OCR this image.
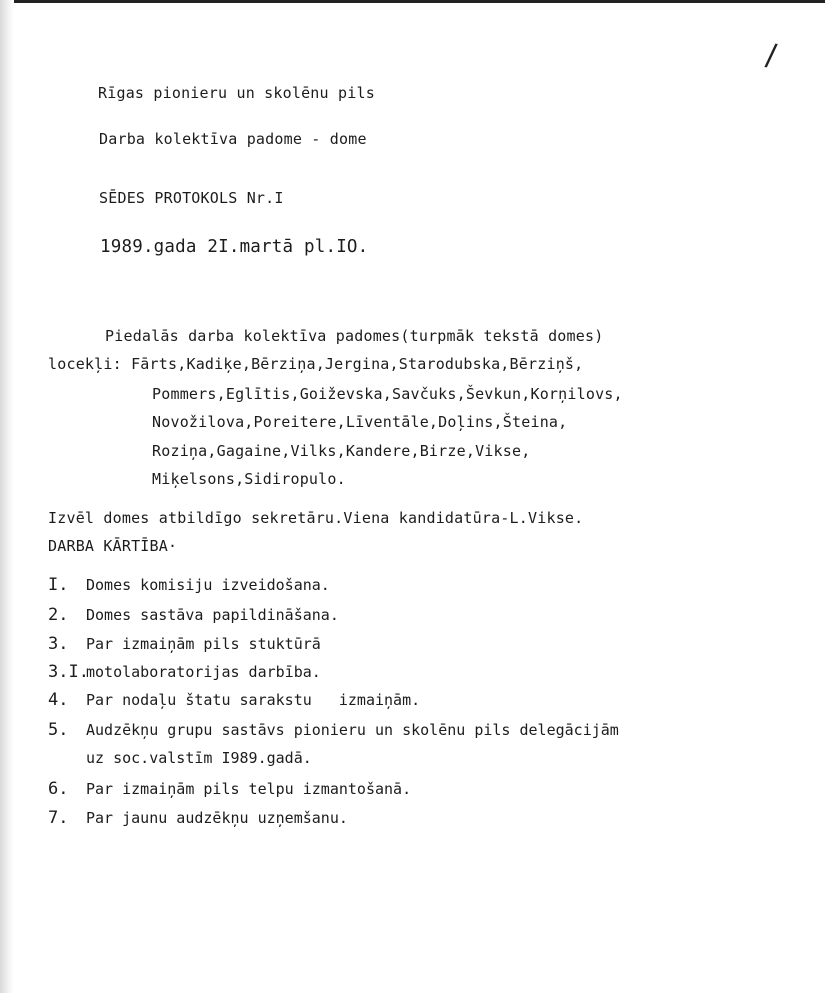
/
Rīgas pionieru un skolēnu pils
Darba kolektīva padome - dome
SĒDES PROTOKOLS Nr.I
1989.gada 2I.martā pl.IO.
Piedalās darba kolektīva padomes(turpmāk tekstā domes)
locekļi: Fārts,Kadiķe,Bērziņa,Jergina,Starodubska,Bērziņš,
Pommers,Eglītis,Goiževska,Savčuks,Ševkun,Korņilovs,
Novožilova,Poreitere,Līventāle,Doļins,Šteina,
Roziņa,Gagaine,Vilks,Kandere,Birze,Vikse,
Miķelsons,Sidiropulo.
Izvēl domes atbildīgo sekretāru.Viena kandidatūra-L.Vikse.
DARBA KĀRTĪBA·
I. Domes komisiju izveidošana.
2. Domes sastāva papildināšana.
3. Par izmaiņām pils stuktūrā
3.I.motolaboratorijas darbība.
4. Par nodaļu štatu sarakstu   izmaiņām.
5. Audzēkņu grupu sastāvs pionieru un skolēnu pils delegācijām
uz soc.valstīm I989.gadā.
6. Par izmaiņām pils telpu izmantošanā.
7. Par jaunu audzēkņu uzņemšanu.
